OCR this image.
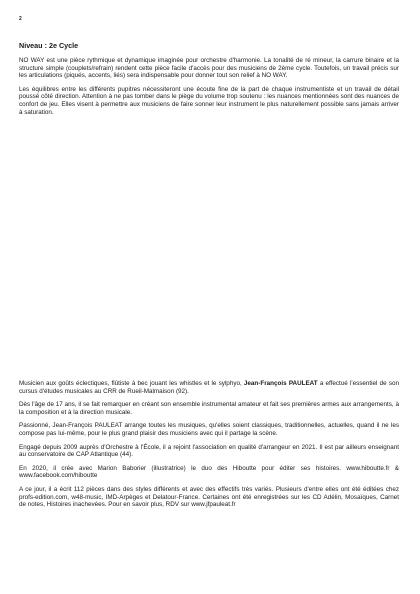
2
Niveau : 2e Cycle

NO WAY est une pièce rythmique et dynamique imaginée pour orchestre d'harmonie. La tonalité de ré mineur, la carrure binaire et la structure simple (couplets/refrain) rendent cette pièce facile d'accès pour des musiciens de 2ème cycle. Toutefois, un travail précis sur les articulations (piqués, accents, liés) sera indispensable pour donner tout son relief à NO WAY.

Les équilibres entre les différents pupitres nécessiteront une écoute fine de la part de chaque instrumentiste et un travail de détail poussé côté direction. Attention à ne pas tomber dans le piège du volume trop soutenu : les nuances mentionnées sont des nuances de confort de jeu. Elles visent à permettre aux musiciens de faire sonner leur instrument le plus naturellement possible sans jamais arriver à saturation.

Musicien aux goûts éclectiques, flûtiste à bec jouant les whistles et le sylphyo, Jean-François PAULEAT a effectué l'essentiel de son cursus d'études musicales au CRR de Rueil-Malmaison (92).

Dès l'âge de 17 ans, il se fait remarquer en créant son ensemble instrumental amateur et fait ses premières armes aux arrangements, à la composition et à la direction musicale.

Passionné, Jean-François PAULEAT arrange toutes les musiques, qu'elles soient classiques, traditionnelles, actuelles, quand il ne les compose pas lui-même, pour le plus grand plaisir des musiciens avec qui il partage la scène.

Engagé depuis 2009 auprès d'Orchestre à l'École, il a rejoint l'association en qualité d'arrangeur en 2021. Il est par ailleurs enseignant au conservatoire de CAP Atlantique (44).

En 2020, il crée avec Marion Baborier (illustratrice) le duo des Hiboutte pour éditer ses histoires. www.hiboutte.fr & www.facebook.com/hiboutte

A ce jour, il a écrit 112 pièces dans des styles différents et avec des effectifs très variés. Plusieurs d'entre elles ont été éditées chez profs-edition.com, w48-music, IMD-Arpèges et Delatour-France. Certaines ont été enregistrées sur les CD Adélin, Mosaïques, Carnet de notes, Histoires inachevées. Pour en savoir plus, RDV sur www.jfpauleat.fr
